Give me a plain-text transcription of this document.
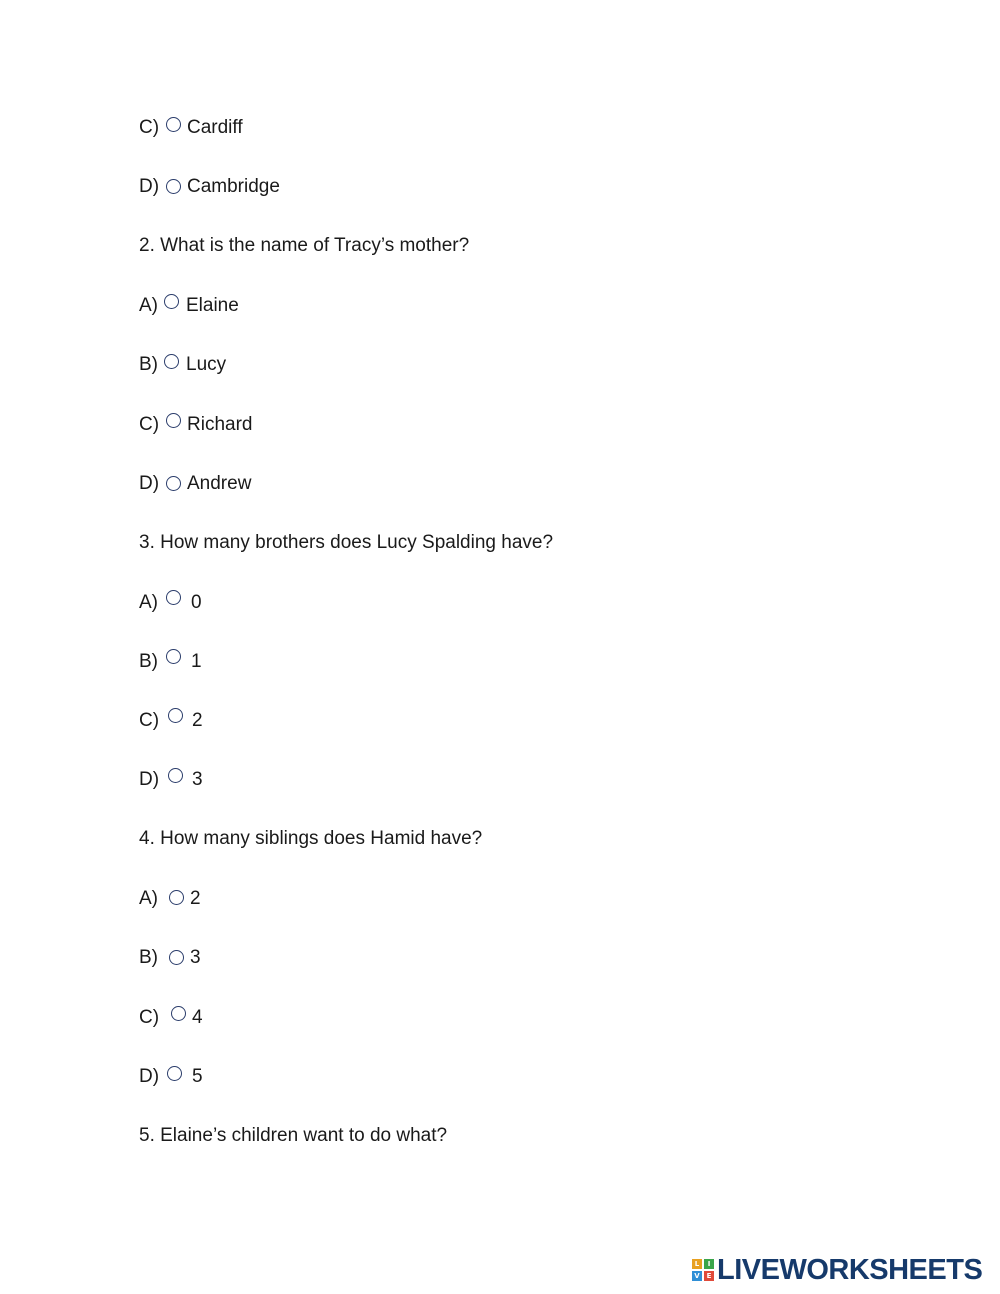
C) Cardiff
D) Cambridge
2. What is the name of Tracy’s mother?
A) Elaine
B) Lucy
C) Richard
D) Andrew
3. How many brothers does Lucy Spalding have?
A) 0
B) 1
C) 2
D) 3
4. How many siblings does Hamid have?
A) 2
B) 3
C) 4
D) 5
5. Elaine’s children want to do what?
L	I
V E LIVEWORKSHEETS
